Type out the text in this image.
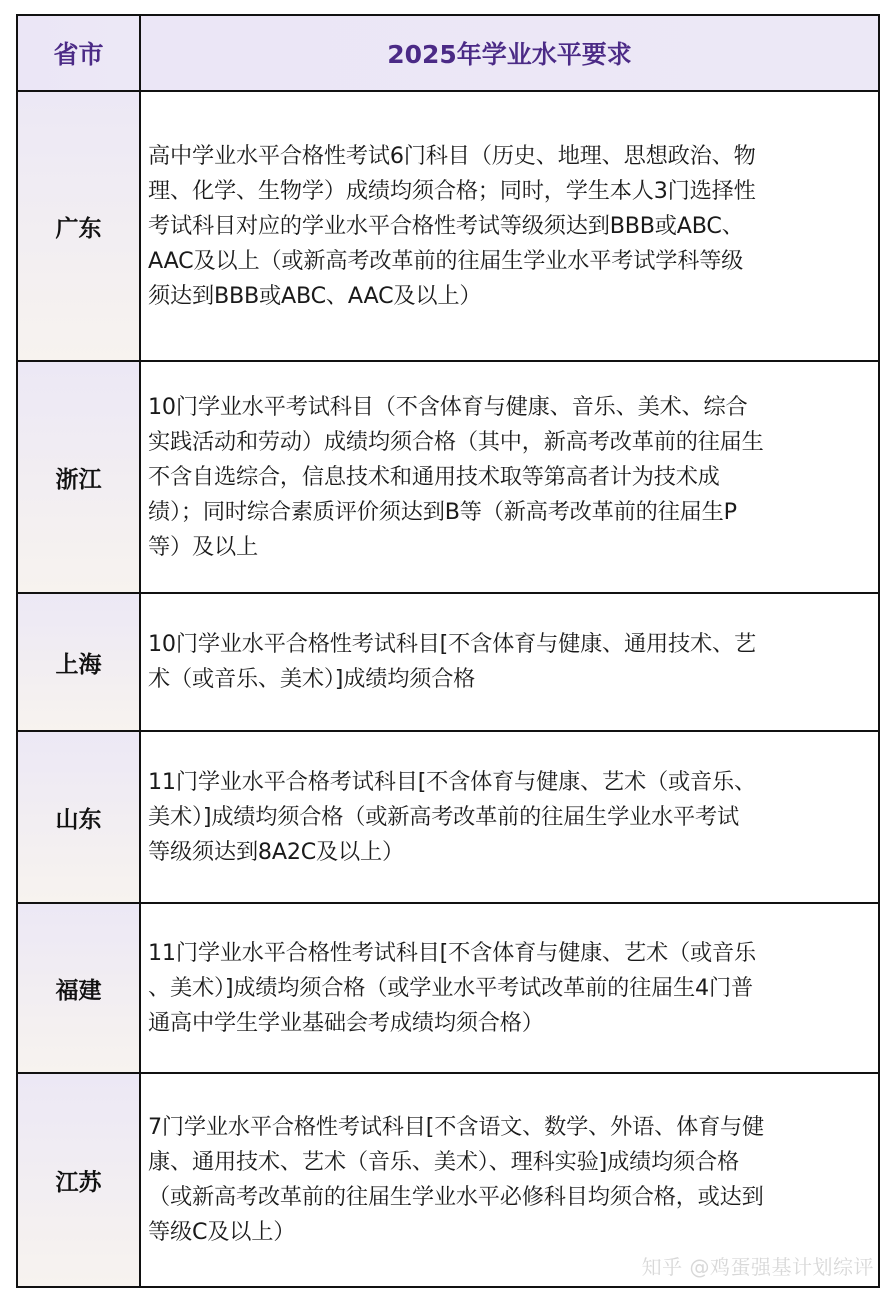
省市	2025年学业水平要求
广东	高中学业水平合格性考试6门科目（历史、地理、思想政治、物
理、化学、生物学）成绩均须合格；同时，学生本人3门选择性
考试科目对应的学业水平合格性考试等级须达到BBB或ABC、
AAC及以上（或新高考改革前的往届生学业水平考试学科等级
须达到BBB或ABC、AAC及以上）
浙江	10门学业水平考试科目（不含体育与健康、音乐、美术、综合
实践活动和劳动）成绩均须合格（其中，新高考改革前的往届生
不含自选综合，信息技术和通用技术取等第高者计为技术成
绩）；同时综合素质评价须达到B等（新高考改革前的往届生P
等）及以上
上海	10门学业水平合格性考试科目[不含体育与健康、通用技术、艺
术（或音乐、美术）]成绩均须合格
山东	11门学业水平合格考试科目[不含体育与健康、艺术（或音乐、
美术）]成绩均须合格（或新高考改革前的往届生学业水平考试
等级须达到8A2C及以上）
福建	11门学业水平合格性考试科目[不含体育与健康、艺术（或音乐
、美术）]成绩均须合格（或学业水平考试改革前的往届生4门普
通高中学生学业基础会考成绩均须合格）
江苏	7门学业水平合格性考试科目[不含语文、数学、外语、体育与健
康、通用技术、艺术（音乐、美术）、理科实验]成绩均须合格
（或新高考改革前的往届生学业水平必修科目均须合格，或达到
等级C及以上）
知乎 @鸡蛋强基计划综评
